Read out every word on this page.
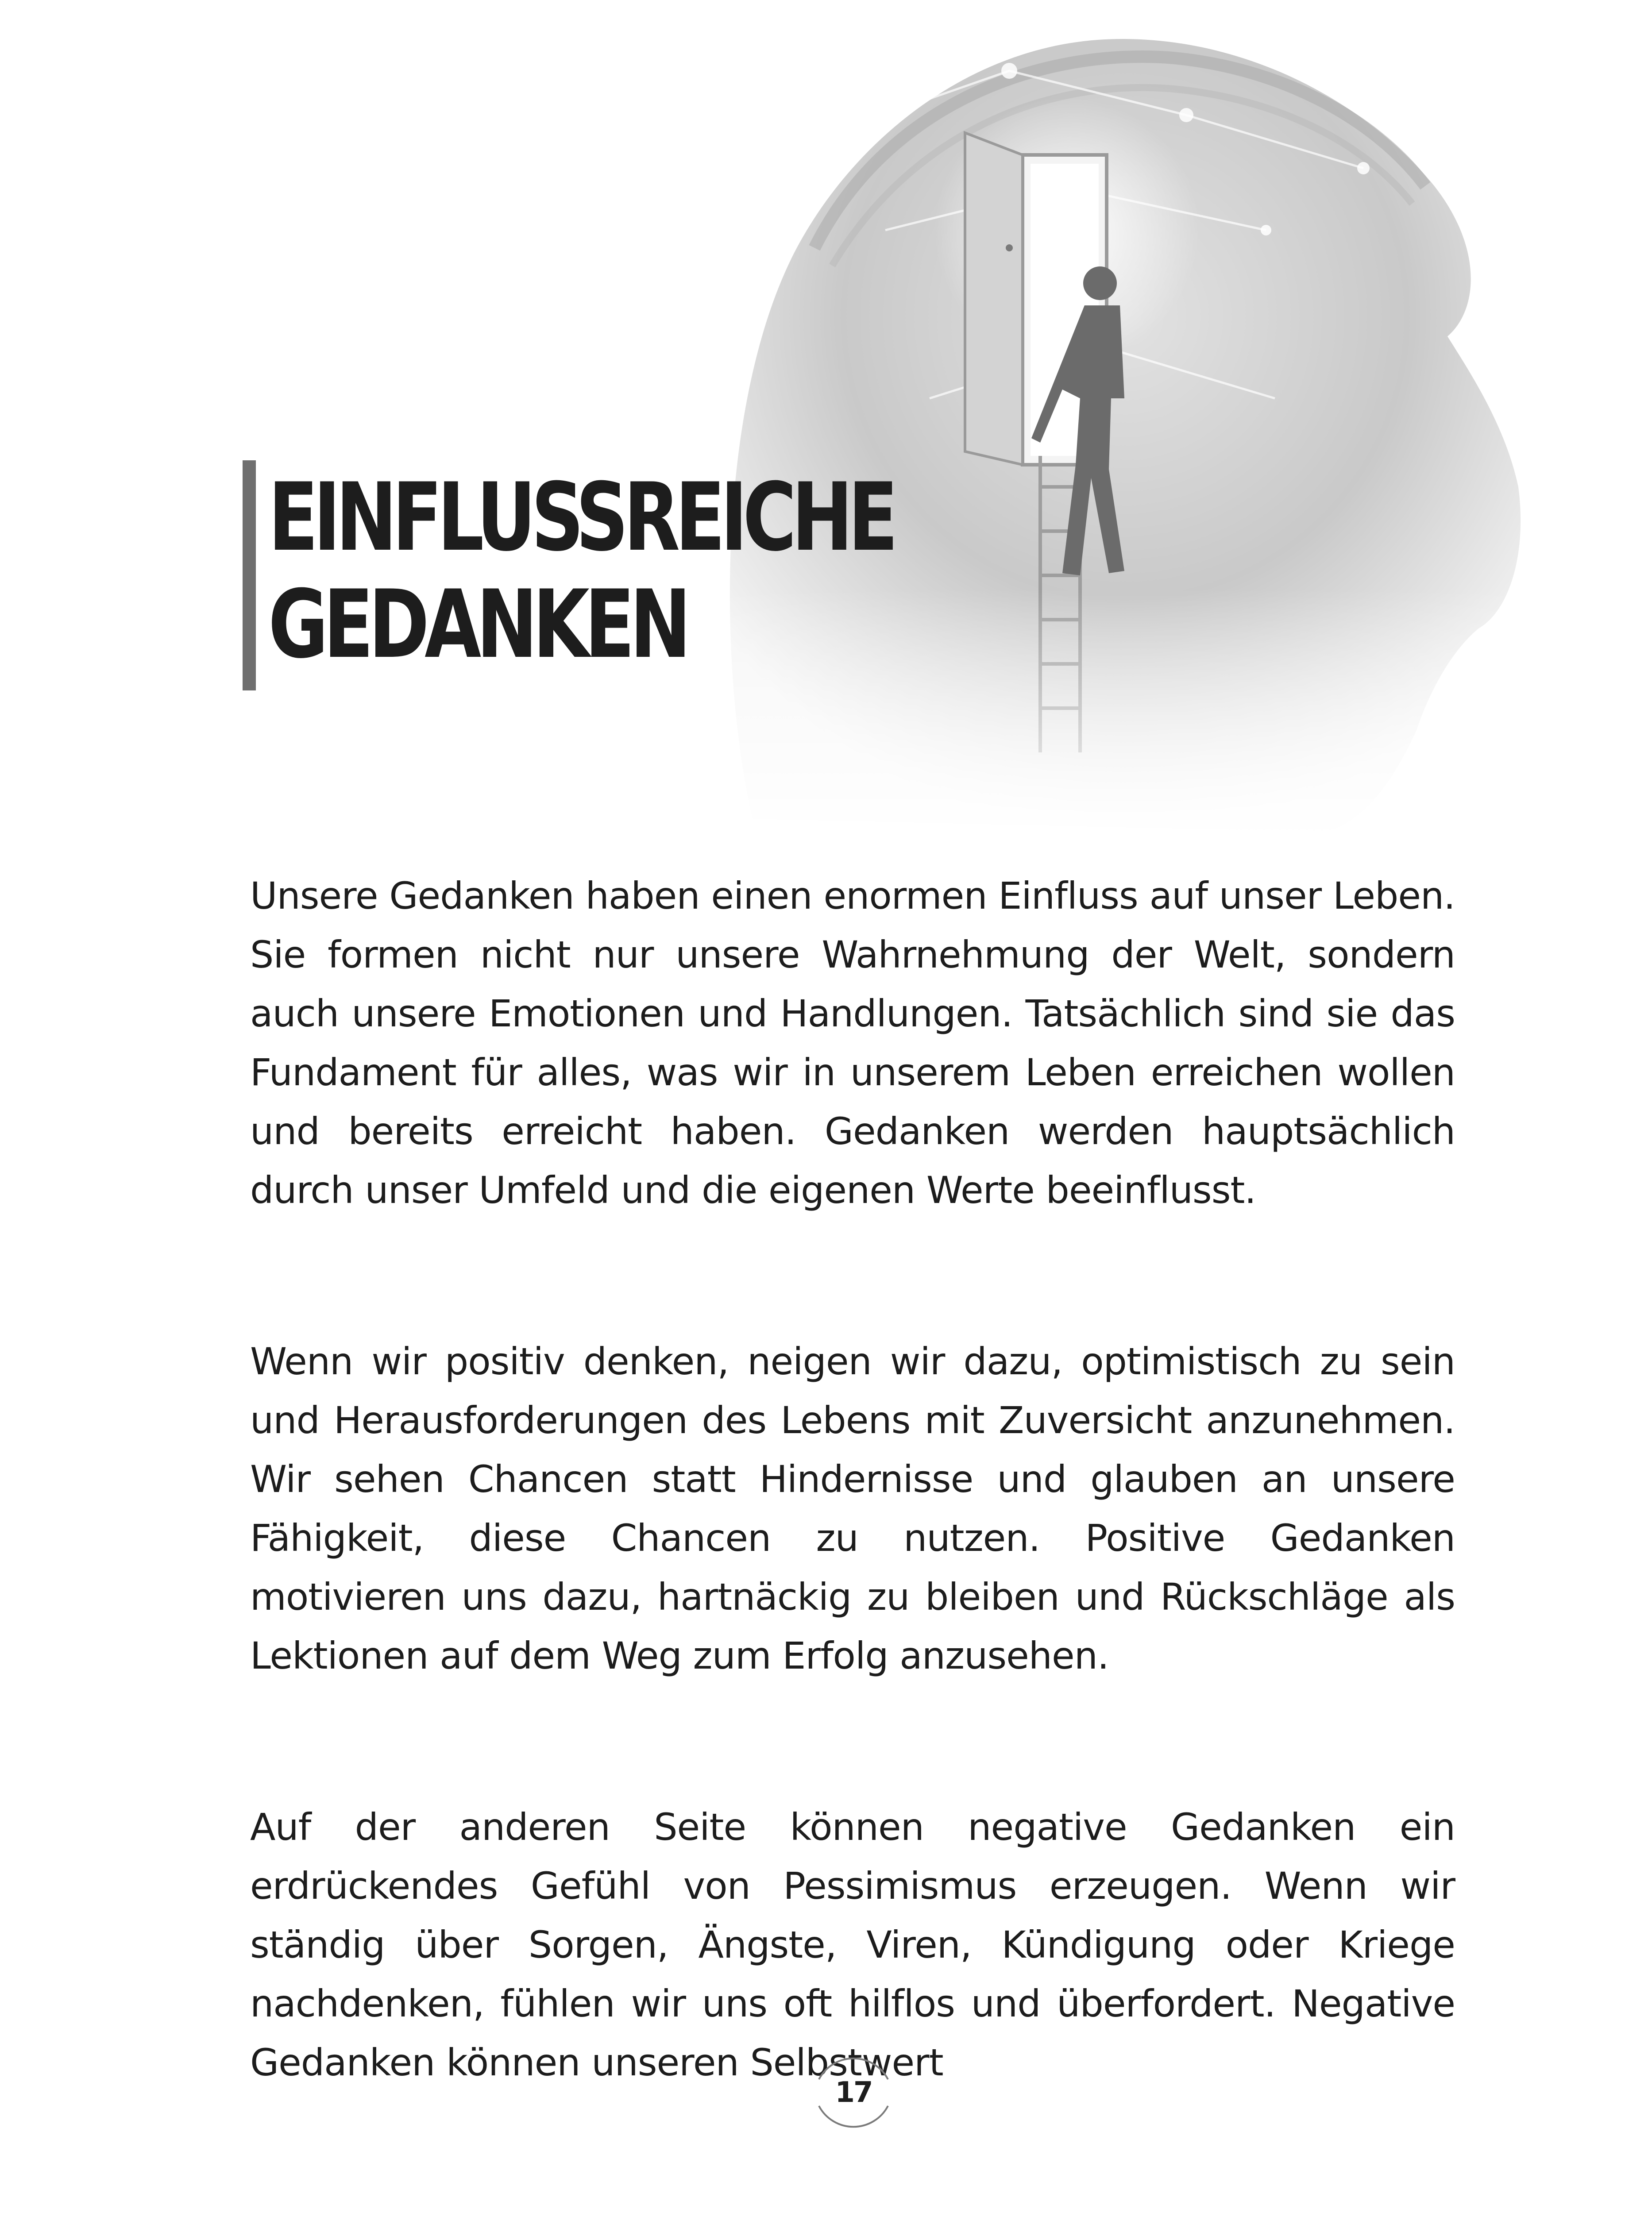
EINFLUSSREICHE
GEDANKEN

Unsere Gedanken haben einen enormen Einfluss auf unser Leben. Sie formen nicht nur unsere Wahrnehmung der Welt, sondern auch unsere Emotionen und Handlungen. Tatsächlich sind sie das Fundament für alles, was wir in unserem Leben erreichen wollen und bereits erreicht haben. Gedanken werden hauptsächlich durch unser Umfeld und die eigenen Werte beeinflusst.

Wenn wir positiv denken, neigen wir dazu, optimistisch zu sein und Herausforderungen des Lebens mit Zuversicht anzunehmen. Wir sehen Chancen statt Hindernisse und glauben an unsere Fähigkeit, diese Chancen zu nutzen. Positive Gedanken motivieren uns dazu, hartnäckig zu bleiben und Rückschläge als Lektionen auf dem Weg zum Erfolg anzusehen.

Auf der anderen Seite können negative Gedanken ein erdrückendes Gefühl von Pessimismus erzeugen. Wenn wir ständig über Sorgen, Ängste, Viren, Kündigung oder Kriege nachdenken, fühlen wir uns oft hilflos und überfordert. Negative Gedanken können unseren Selbstwert

17
